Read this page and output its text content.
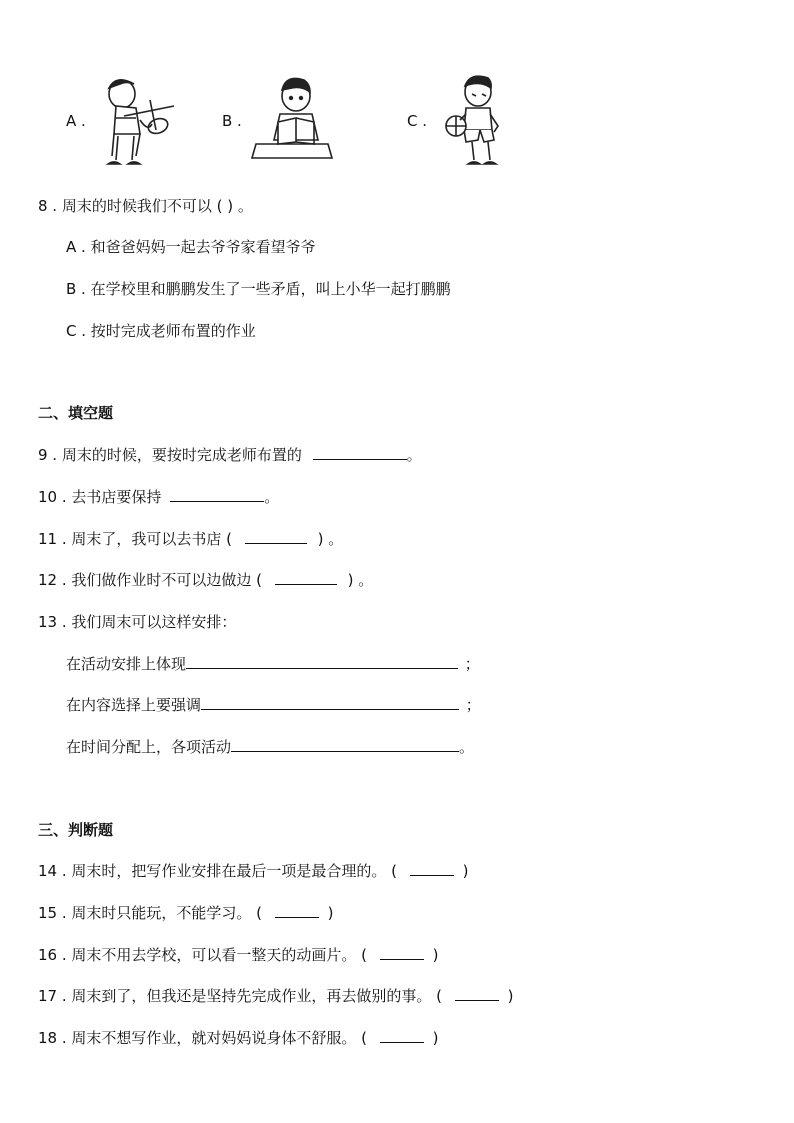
A .	B .	C .
8 . 周末的时候我们不可以 ( ) 。
A . 和爸爸妈妈一起去爷爷家看望爷爷
B . 在学校里和鹏鹏发生了一些矛盾，叫上小华一起打鹏鹏
C . 按时完成老师布置的作业
二、填空题
9 . 周末的时候，要按时完成老师布置的	。
10 . 去书店要保持	。
11 . 周末了，我可以去书店 (	) 。
12 . 我们做作业时不可以边做边 (	) 。
13 . 我们周末可以这样安排：
在活动安排上体现	；
在内容选择上要强调	；
在时间分配上，各项活动	。
三、判断题
14 . 周末时，把写作业安排在最后一项是最合理的。 (	)
15 . 周末时只能玩，不能学习。 (	)
16 . 周末不用去学校，可以看一整天的动画片。 (	)
17 . 周末到了，但我还是坚持先完成作业，再去做别的事。 (	)
18 . 周末不想写作业，就对妈妈说身体不舒服。 (	)
